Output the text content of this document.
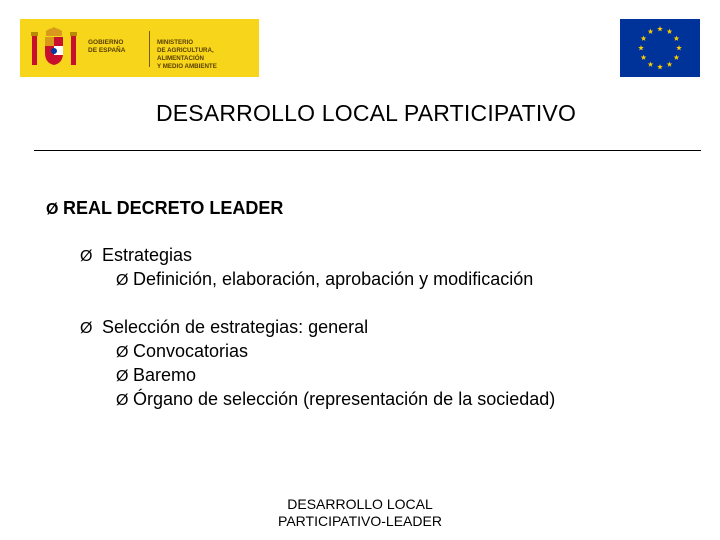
GOBIERNO
DE ESPAÑA
MINISTERIO
DE AGRICULTURA, ALIMENTACIÓN
Y MEDIO AMBIENTE
DESARROLLO LOCAL PARTICIPATIVO
Ø REAL DECRETO LEADER
Ø Estrategias
Ø Definición, elaboración, aprobación y modificación
Ø Selección de estrategias: general
Ø Convocatorias
Ø Baremo
Ø Órgano de selección (representación de la sociedad)
DESARROLLO LOCAL
PARTICIPATIVO-LEADER
